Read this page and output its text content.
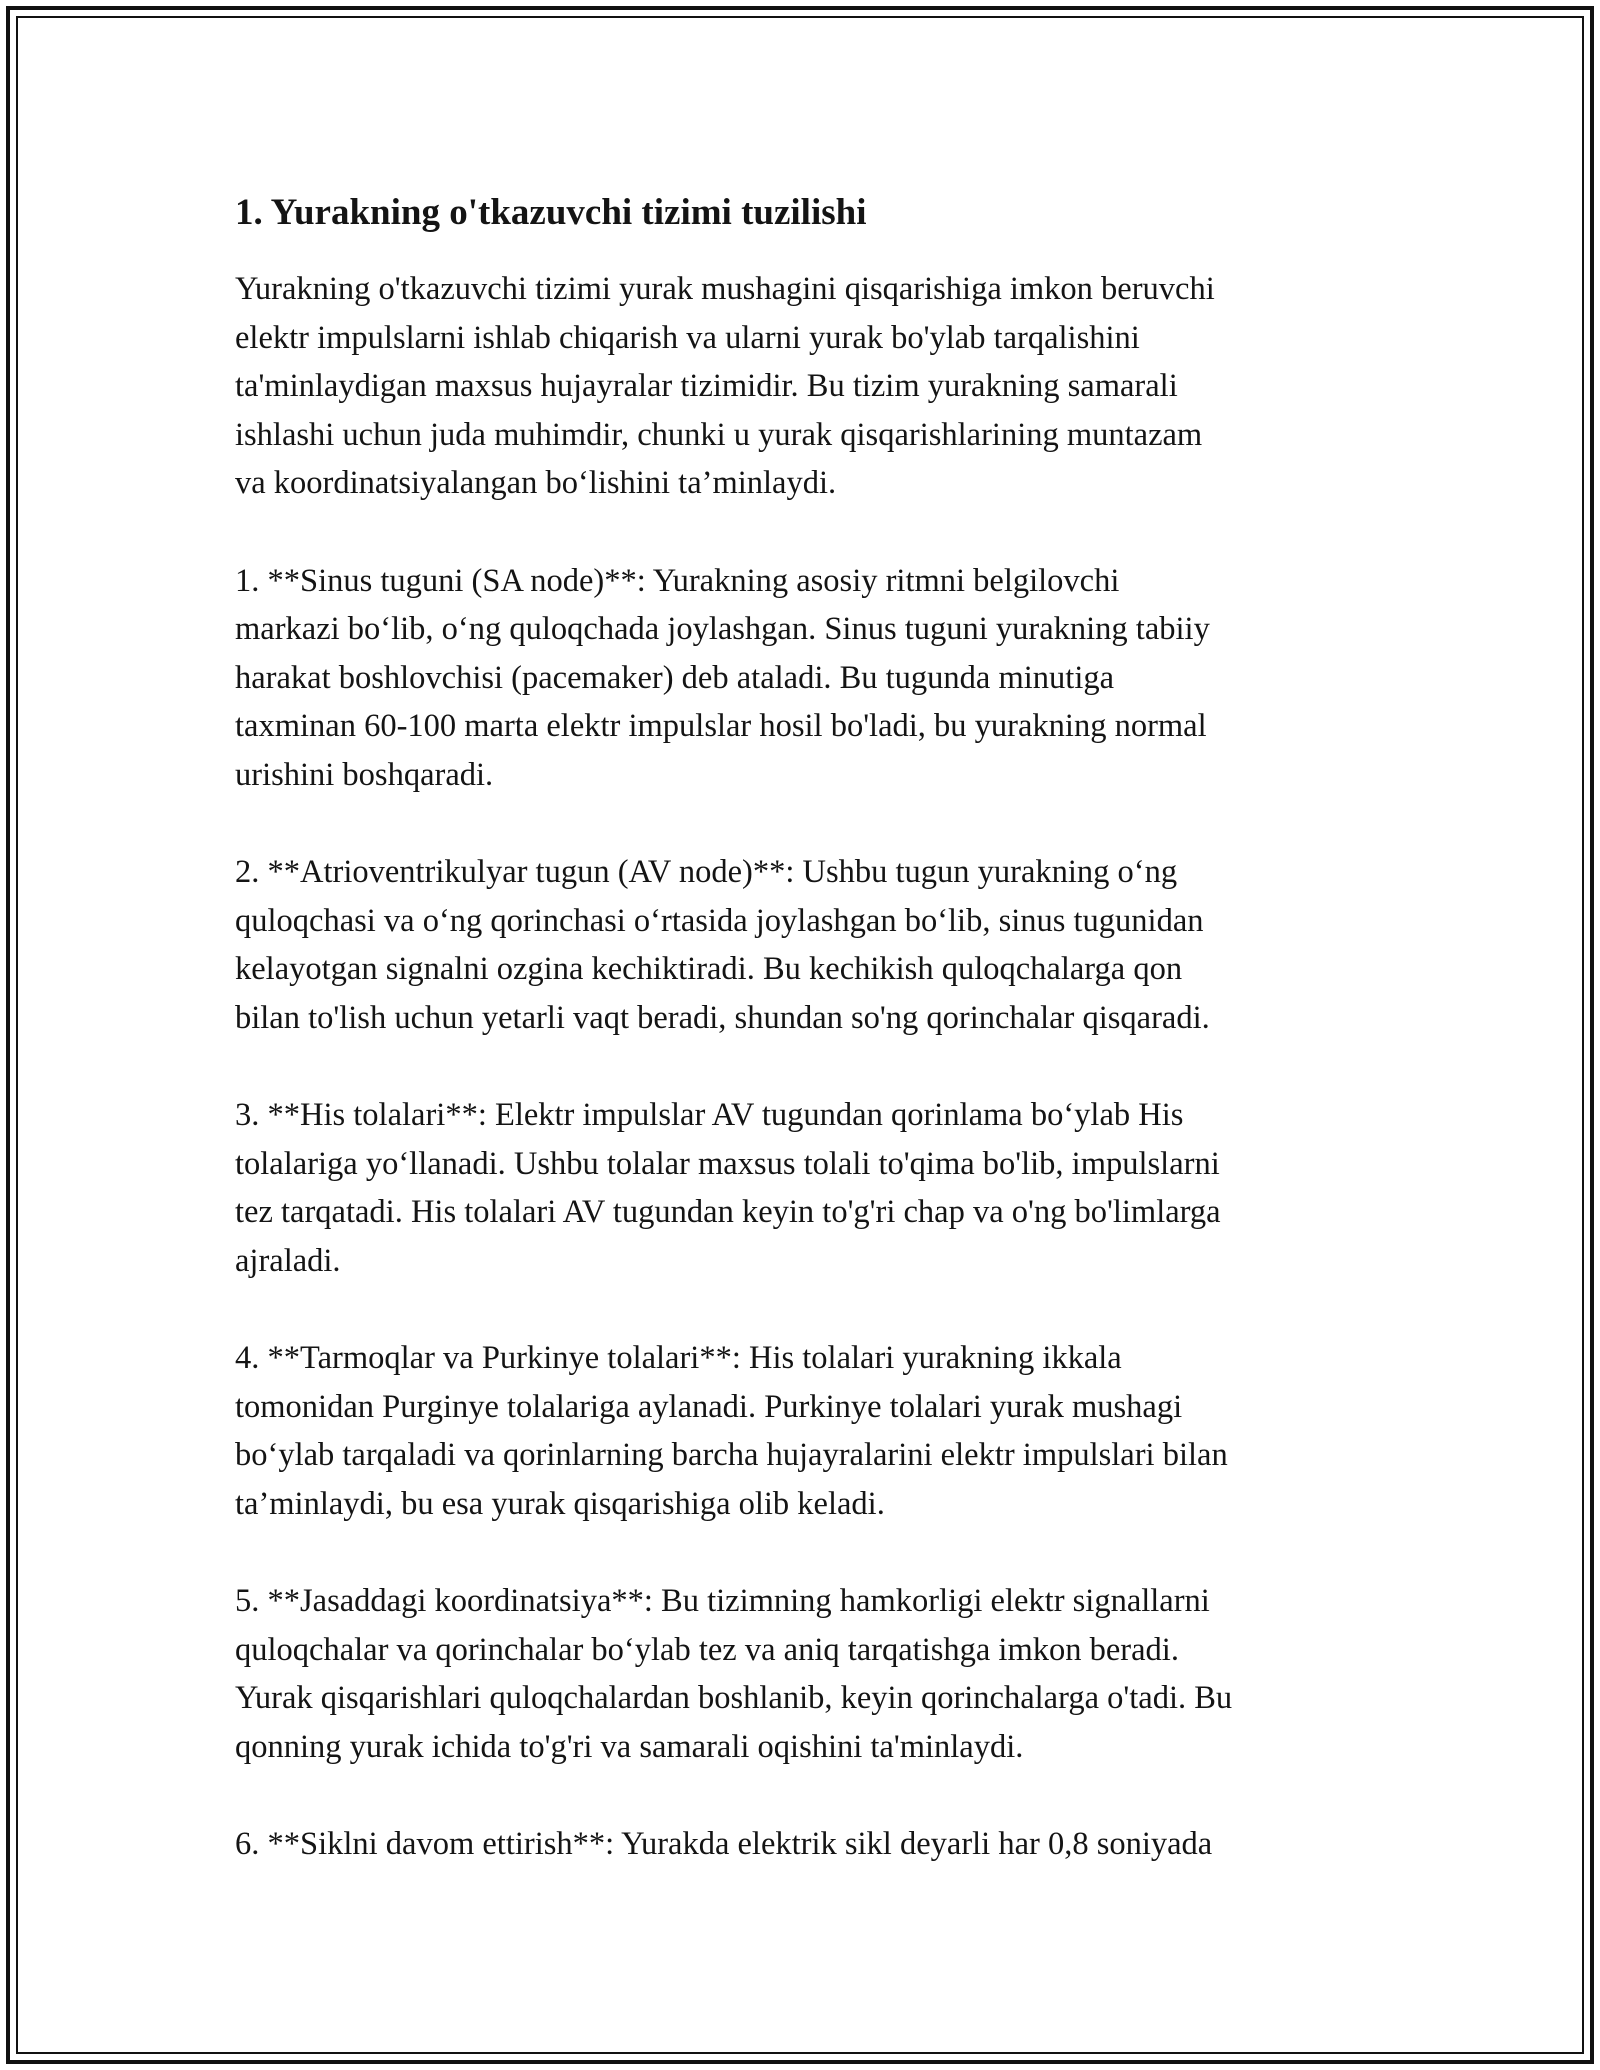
1. Yurakning o'tkazuvchi tizimi tuzilishi

Yurakning o'tkazuvchi tizimi yurak mushagini qisqarishiga imkon beruvchi
elektr impulslarni ishlab chiqarish va ularni yurak bo'ylab tarqalishini
ta'minlaydigan maxsus hujayralar tizimidir. Bu tizim yurakning samarali
ishlashi uchun juda muhimdir, chunki u yurak qisqarishlarining muntazam
va koordinatsiyalangan bo‘lishini ta’minlaydi.

1. **Sinus tuguni (SA node)**: Yurakning asosiy ritmni belgilovchi
markazi bo‘lib, o‘ng quloqchada joylashgan. Sinus tuguni yurakning tabiiy
harakat boshlovchisi (pacemaker) deb ataladi. Bu tugunda minutiga
taxminan 60-100 marta elektr impulslar hosil bo'ladi, bu yurakning normal
urishini boshqaradi.

2. **Atrioventrikulyar tugun (AV node)**: Ushbu tugun yurakning o‘ng
quloqchasi va o‘ng qorinchasi o‘rtasida joylashgan bo‘lib, sinus tugunidan
kelayotgan signalni ozgina kechiktiradi. Bu kechikish quloqchalarga qon
bilan to'lish uchun yetarli vaqt beradi, shundan so'ng qorinchalar qisqaradi.

3. **His tolalari**: Elektr impulslar AV tugundan qorinlama bo‘ylab His
tolalariga yo‘llanadi. Ushbu tolalar maxsus tolali to'qima bo'lib, impulslarni
tez tarqatadi. His tolalari AV tugundan keyin to'g'ri chap va o'ng bo'limlarga
ajraladi.

4. **Tarmoqlar va Purkinye tolalari**: His tolalari yurakning ikkala
tomonidan Purginye tolalariga aylanadi. Purkinye tolalari yurak mushagi
bo‘ylab tarqaladi va qorinlarning barcha hujayralarini elektr impulslari bilan
ta’minlaydi, bu esa yurak qisqarishiga olib keladi.

5. **Jasaddagi koordinatsiya**: Bu tizimning hamkorligi elektr signallarni
quloqchalar va qorinchalar bo‘ylab tez va aniq tarqatishga imkon beradi.
Yurak qisqarishlari quloqchalardan boshlanib, keyin qorinchalarga o'tadi. Bu
qonning yurak ichida to'g'ri va samarali oqishini ta'minlaydi.

6. **Siklni davom ettirish**: Yurakda elektrik sikl deyarli har 0,8 soniyada
